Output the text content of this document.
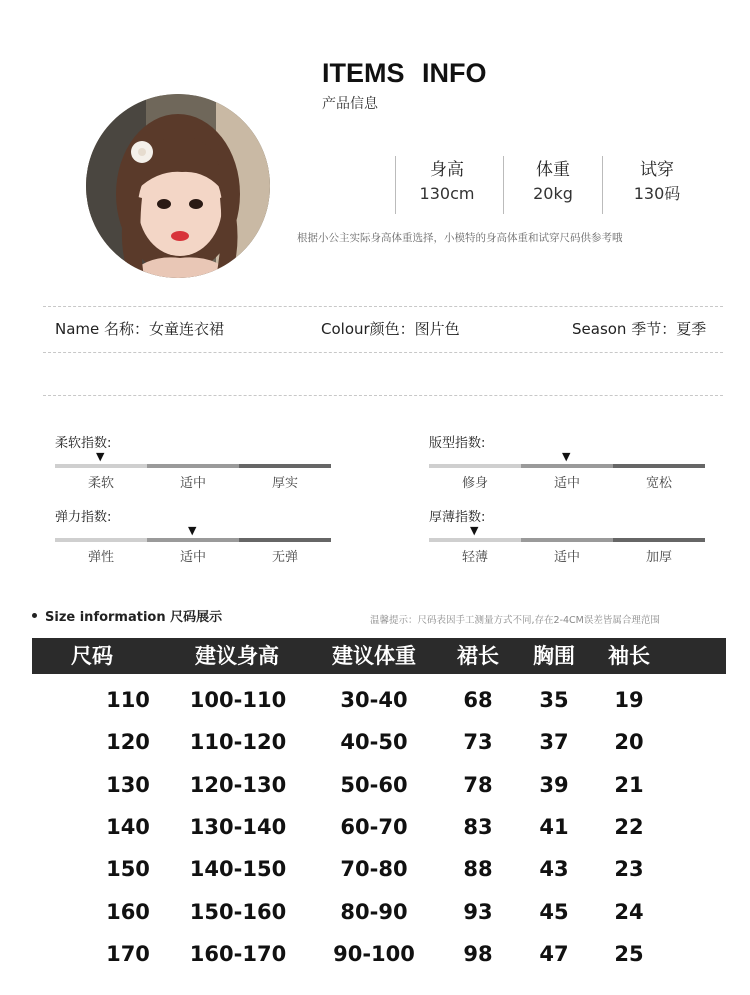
ITEMS INFO
产品信息
身高
130cm
体重
20kg
试穿
130码
根据小公主实际身高体重选择，小模特的身高体重和试穿尺码供参考哦
Name 名称：女童连衣裙	Colour颜色：图片色	Season 季节：夏季
柔软指数:
▼
柔软	适中	厚实
版型指数:
▼
修身	适中	宽松
弹力指数:
▼
弹性	适中	无弹
厚薄指数:
▼
轻薄	适中	加厚
Size information 尺码展示	温馨提示：尺码表因手工测量方式不同,存在2-4CM误差皆属合理范围
尺码	建议身高	建议体重	裙长	胸围	袖长
110	100-110	30-40	68	35	19
120	110-120	40-50	73	37	20
130	120-130	50-60	78	39	21
140	130-140	60-70	83	41	22
150	140-150	70-80	88	43	23
160	150-160	80-90	93	45	24
170	160-170	90-100	98	47	25
